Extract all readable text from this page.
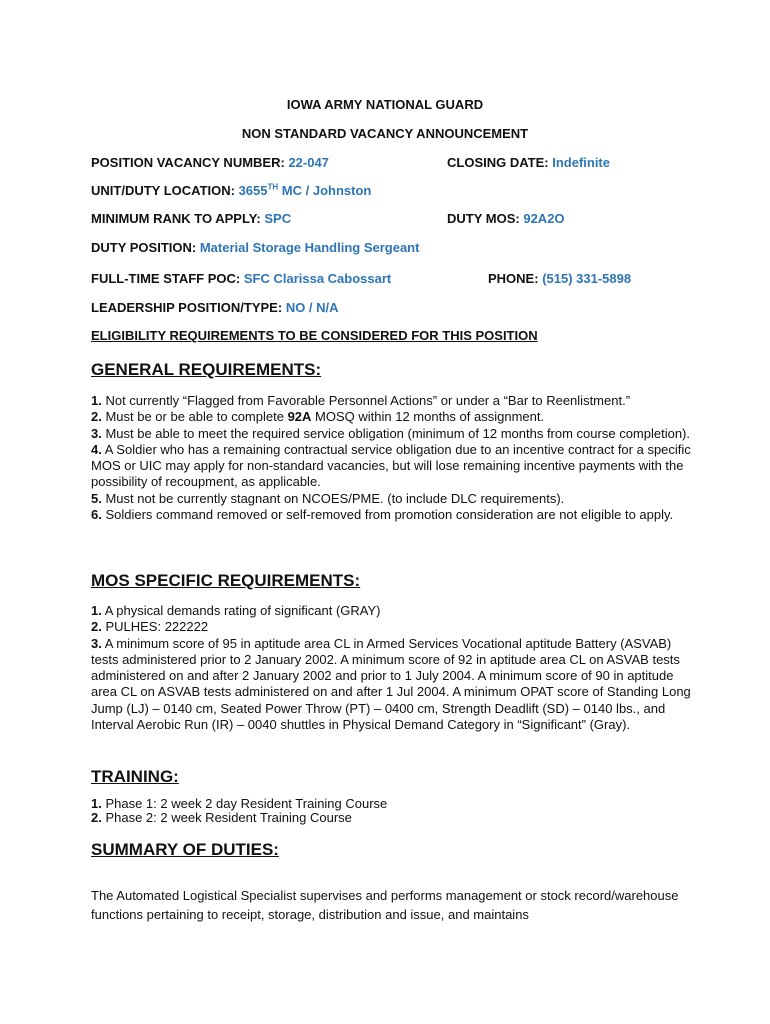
IOWA ARMY NATIONAL GUARD
NON STANDARD VACANCY ANNOUNCEMENT
POSITION VACANCY NUMBER: 22-047	CLOSING DATE: Indefinite
UNIT/DUTY LOCATION: 3655TH MC / Johnston
MINIMUM RANK TO APPLY: SPC	DUTY MOS: 92A2O
DUTY POSITION: Material Storage Handling Sergeant
FULL-TIME STAFF POC: SFC Clarissa Cabossart	PHONE: (515) 331-5898
LEADERSHIP POSITION/TYPE: NO / N/A
ELIGIBILITY REQUIREMENTS TO BE CONSIDERED FOR THIS POSITION
GENERAL REQUIREMENTS:
1. Not currently “Flagged from Favorable Personnel Actions” or under a “Bar to Reenlistment.”
2. Must be or be able to complete 92A MOSQ within 12 months of assignment.
3. Must be able to meet the required service obligation (minimum of 12 months from course completion).
4. A Soldier who has a remaining contractual service obligation due to an incentive contract for a specific MOS or UIC may apply for non-standard vacancies, but will lose remaining incentive payments with the possibility of recoupment, as applicable.
5. Must not be currently stagnant on NCOES/PME. (to include DLC requirements).
6. Soldiers command removed or self-removed from promotion consideration are not eligible to apply.
MOS SPECIFIC REQUIREMENTS:
1. A physical demands rating of significant (GRAY)
2. PULHES: 222222
3. A minimum score of 95 in aptitude area CL in Armed Services Vocational aptitude Battery (ASVAB) tests administered prior to 2 January 2002. A minimum score of 92 in aptitude area CL on ASVAB tests administered on and after 2 January 2002 and prior to 1 July 2004. A minimum score of 90 in aptitude area CL on ASVAB tests administered on and after 1 Jul 2004. A minimum OPAT score of Standing Long Jump (LJ) – 0140 cm, Seated Power Throw (PT) – 0400 cm, Strength Deadlift (SD) – 0140 lbs., and Interval Aerobic Run (IR) – 0040 shuttles in Physical Demand Category in “Significant” (Gray).
TRAINING:
1. Phase 1: 2 week 2 day Resident Training Course
2. Phase 2: 2 week Resident Training Course
SUMMARY OF DUTIES:
The Automated Logistical Specialist supervises and performs management or stock record/warehouse functions pertaining to receipt, storage, distribution and issue, and maintains
